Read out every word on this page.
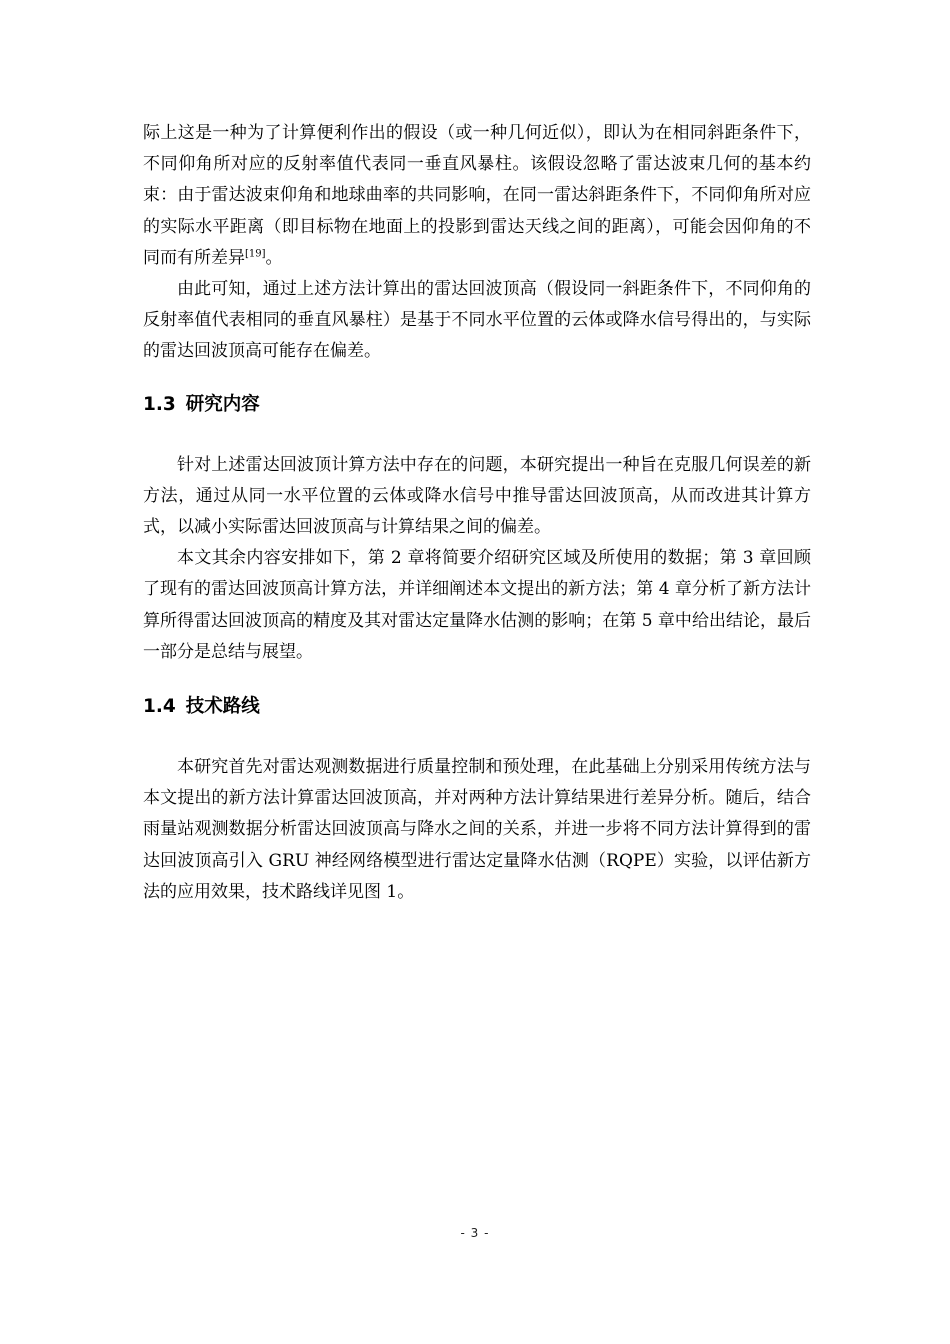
际上这是一种为了计算便利作出的假设（或一种几何近似），即认为在相同斜距条件下，不同仰角所对应的反射率值代表同一垂直风暴柱。该假设忽略了雷达波束几何的基本约束：由于雷达波束仰角和地球曲率的共同影响，在同一雷达斜距条件下，不同仰角所对应的实际水平距离（即目标物在地面上的投影到雷达天线之间的距离），可能会因仰角的不同而有所差异[19]。

由此可知，通过上述方法计算出的雷达回波顶高（假设同一斜距条件下，不同仰角的反射率值代表相同的垂直风暴柱）是基于不同水平位置的云体或降水信号得出的，与实际的雷达回波顶高可能存在偏差。

1.3 研究内容

针对上述雷达回波顶计算方法中存在的问题，本研究提出一种旨在克服几何误差的新方法，通过从同一水平位置的云体或降水信号中推导雷达回波顶高，从而改进其计算方式，以减小实际雷达回波顶高与计算结果之间的偏差。

本文其余内容安排如下，第 2 章将简要介绍研究区域及所使用的数据；第 3 章回顾了现有的雷达回波顶高计算方法，并详细阐述本文提出的新方法；第 4 章分析了新方法计算所得雷达回波顶高的精度及其对雷达定量降水估测的影响；在第 5 章中给出结论，最后一部分是总结与展望。

1.4 技术路线

本研究首先对雷达观测数据进行质量控制和预处理，在此基础上分别采用传统方法与本文提出的新方法计算雷达回波顶高，并对两种方法计算结果进行差异分析。随后，结合雨量站观测数据分析雷达回波顶高与降水之间的关系，并进一步将不同方法计算得到的雷达回波顶高引入 GRU 神经网络模型进行雷达定量降水估测（RQPE）实验，以评估新方法的应用效果，技术路线详见图 1。

- 3 -
